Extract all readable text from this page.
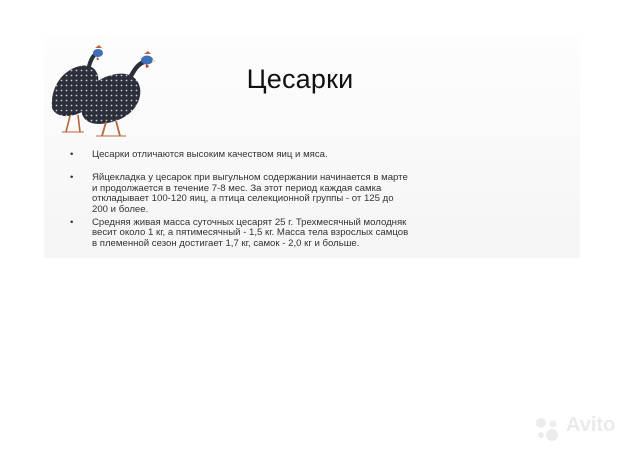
Цесарки
• Цесарки отличаются высоким качеством яиц и мяса.
• Яйцекладка у цесарок при выгульном содержании начинается в марте и продолжается в течение 7-8 мес. За этот период каждая самка откладывает 100-120 яиц, а птица селекционной группы - от 125 до 200 и более.
• Средняя живая масса суточных цесарят 25 г. Трехмесячный молодняк весит около 1 кг, а пятимесячный - 1,5 кг. Масса тела взрослых самцов в племенной сезон достигает 1,7 кг, самок - 2,0 кг и больше.
Avito
